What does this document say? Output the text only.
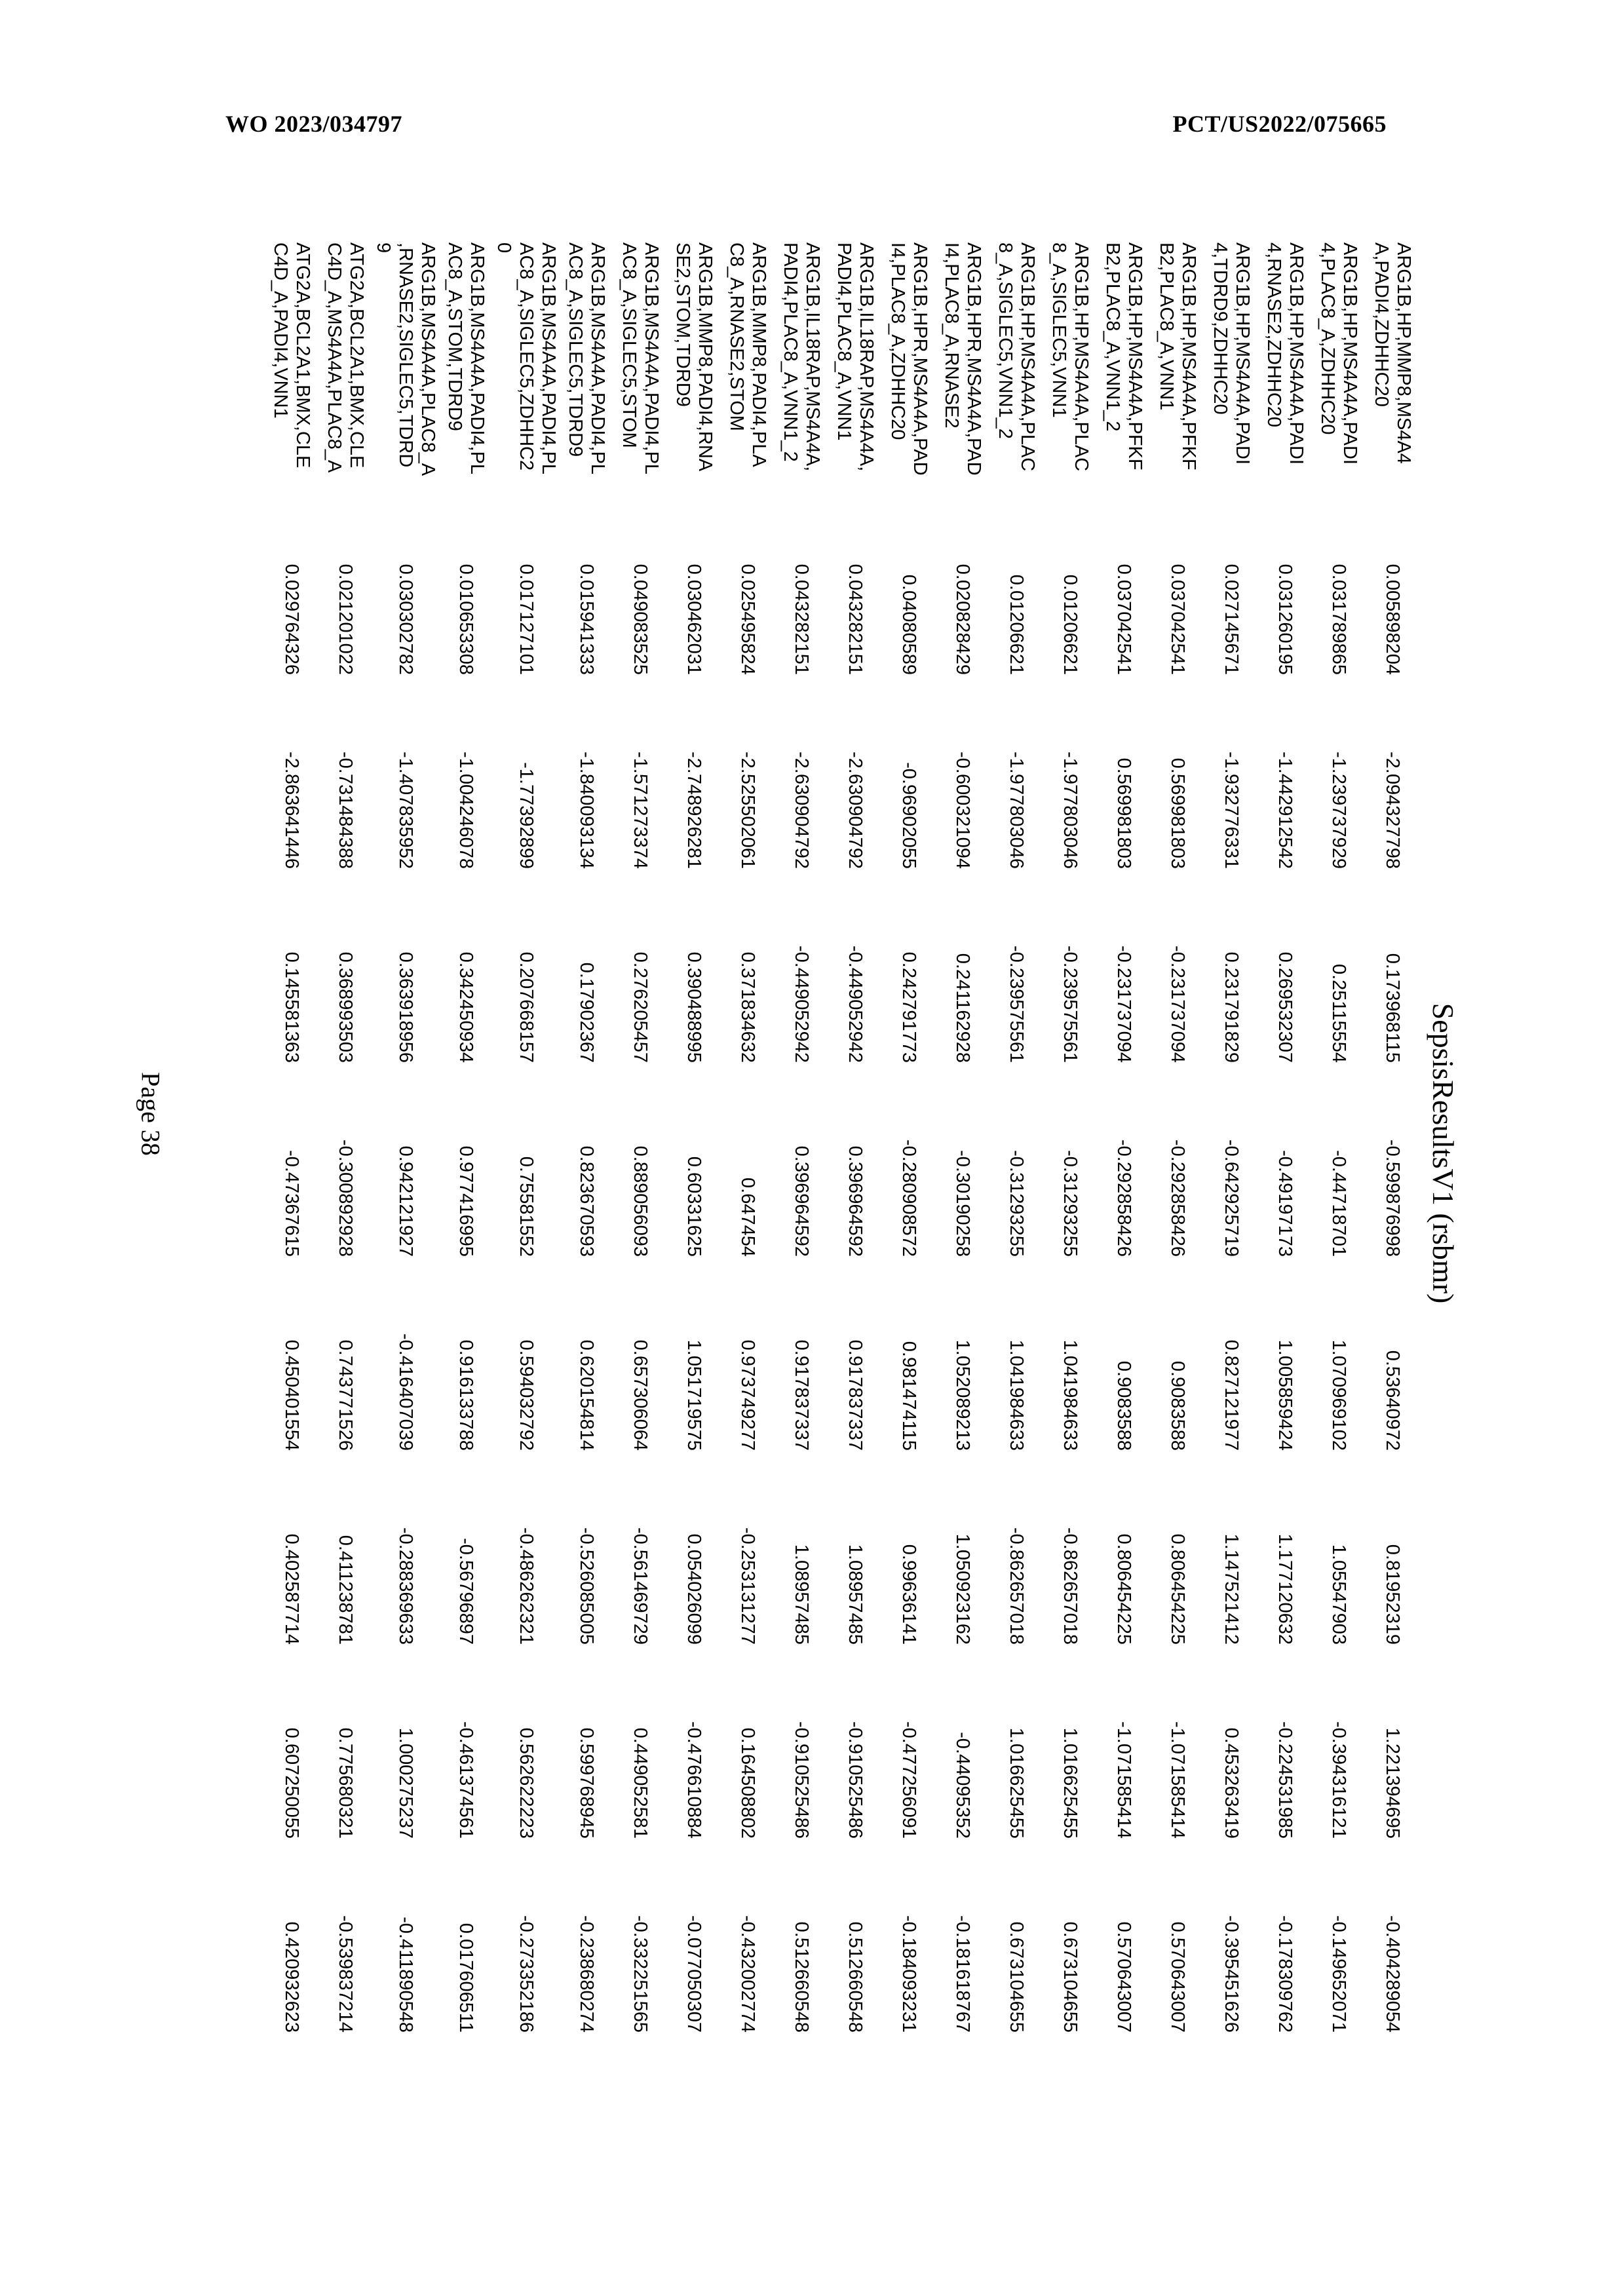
WO 2023/034797	PCT/US2022/075665
SepsisResultsV1 (rsbmr)
ARG1B,HP,MMP8,MS4A4
A,PADI4,ZDHHC20	0.005898204	-2.094327798	0.173968115	-0.599876998	0.53640972	0.81952319	1.221394695	-0.404289054
ARG1B,HP,MS4A4A,PADI
4,PLAC8_A,ZDHHC20	0.031789865	-1.239737929	0.25115554	-0.44718701	1.070969102	1.05547903	-0.394316121	-0.149652071
ARG1B,HP,MS4A4A,PADI
4,RNASE2,ZDHHC20	0.031260195	-1.442912542	0.269532307	-0.49197173	1.005859424	1.177120632	-0.224531985	-0.178309762
ARG1B,HP,MS4A4A,PADI
4,TDRD9,ZDHHC20	0.027145671	-1.932776331	0.231791829	-0.642925719	0.827121977	1.147521412	0.453263419	-0.395451626
ARG1B,HP,MS4A4A,PFKF
B2,PLAC8_A,VNN1	0.037042541	0.569981803	-0.231737094	-0.292858426	0.9083588	0.806454225	-1.071585414	0.570643007
ARG1B,HP,MS4A4A,PFKF
B2,PLAC8_A,VNN1_2	0.037042541	0.569981803	-0.231737094	-0.292858426	0.9083588	0.806454225	-1.071585414	0.570643007
ARG1B,HP,MS4A4A,PLAC
8_A,SIGLEC5,VNN1	0.01206621	-1.977803046	-0.239575561	-0.31293255	1.041984633	-0.862657018	1.016625455	0.673104655
ARG1B,HP,MS4A4A,PLAC
8_A,SIGLEC5,VNN1_2	0.01206621	-1.977803046	-0.239575561	-0.31293255	1.041984633	-0.862657018	1.016625455	0.673104655
ARG1B,HPR,MS4A4A,PAD
I4,PLAC8_A,RNASE2	0.020828429	-0.600321094	0.241162928	-0.30190258	1.052089213	1.050923162	-0.44095352	-0.181618767
ARG1B,HPR,MS4A4A,PAD
I4,PLAC8_A,ZDHHC20	0.04080589	-0.96902055	0.242791773	-0.280908572	0.981474115	0.99636141	-0.477256091	-0.184093231
ARG1B,IL18RAP,MS4A4A,
PADI4,PLAC8_A,VNN1	0.043282151	-2.630904792	-0.449052942	0.396964592	0.917837337	1.08957485	-0.910525486	0.512660548
ARG1B,IL18RAP,MS4A4A,
PADI4,PLAC8_A,VNN1_2	0.043282151	-2.630904792	-0.449052942	0.396964592	0.917837337	1.08957485	-0.910525486	0.512660548
ARG1B,MMP8,PADI4,PLA
C8_A,RNASE2,STOM	0.025495824	-2.525502061	0.371834632	0.647454	0.973749277	-0.253131277	0.164508802	-0.432002774
ARG1B,MMP8,PADI4,RNA
SE2,STOM,TDRD9	0.030462031	-2.748926281	0.390488995	0.60331625	1.051719575	0.054026099	-0.476610884	-0.077050307
ARG1B,MS4A4A,PADI4,PL
AC8_A,SIGLEC5,STOM	0.049083525	-1.571273374	0.276205457	0.889056093	0.657306064	-0.561469729	0.449052581	-0.332251565
ARG1B,MS4A4A,PADI4,PL
AC8_A,SIGLEC5,TDRD9	0.015941333	-1.840093134	0.17902367	0.823670593	0.620154814	-0.526085005	0.599768945	-0.238680274
ARG1B,MS4A4A,PADI4,PL
AC8_A,SIGLEC5,ZDHHC2
0	0.017127101	-1.77392899	0.207668157	0.75581552	0.594032792	-0.486262321	0.562622223	-0.273352186
ARG1B,MS4A4A,PADI4,PL
AC8_A,STOM,TDRD9	0.010653308	-1.004246078	0.342450934	0.977416995	0.916133788	-0.56796897	-0.461374561	0.017606511
ARG1B,MS4A4A,PLAC8_A
,RNASE2,SIGLEC5,TDRD
9	0.030302782	-1.407835952	0.363918956	0.942121927	-0.416407039	-0.288369633	1.000275237	-0.411890548
ATG2A,BCL2A1,BMX,CLE
C4D_A,MS4A4A,PLAC8_A	0.021201022	-0.731484388	0.368993503	-0.300892928	0.743771526	0.411238781	0.775680321	-0.539837214
ATG2A,BCL2A1,BMX,CLE
C4D_A,PADI4,VNN1	0.029764326	-2.863641446	0.145581363	-0.47367615	0.450401554	0.402587714	0.607250055	0.420932623
Page 38
